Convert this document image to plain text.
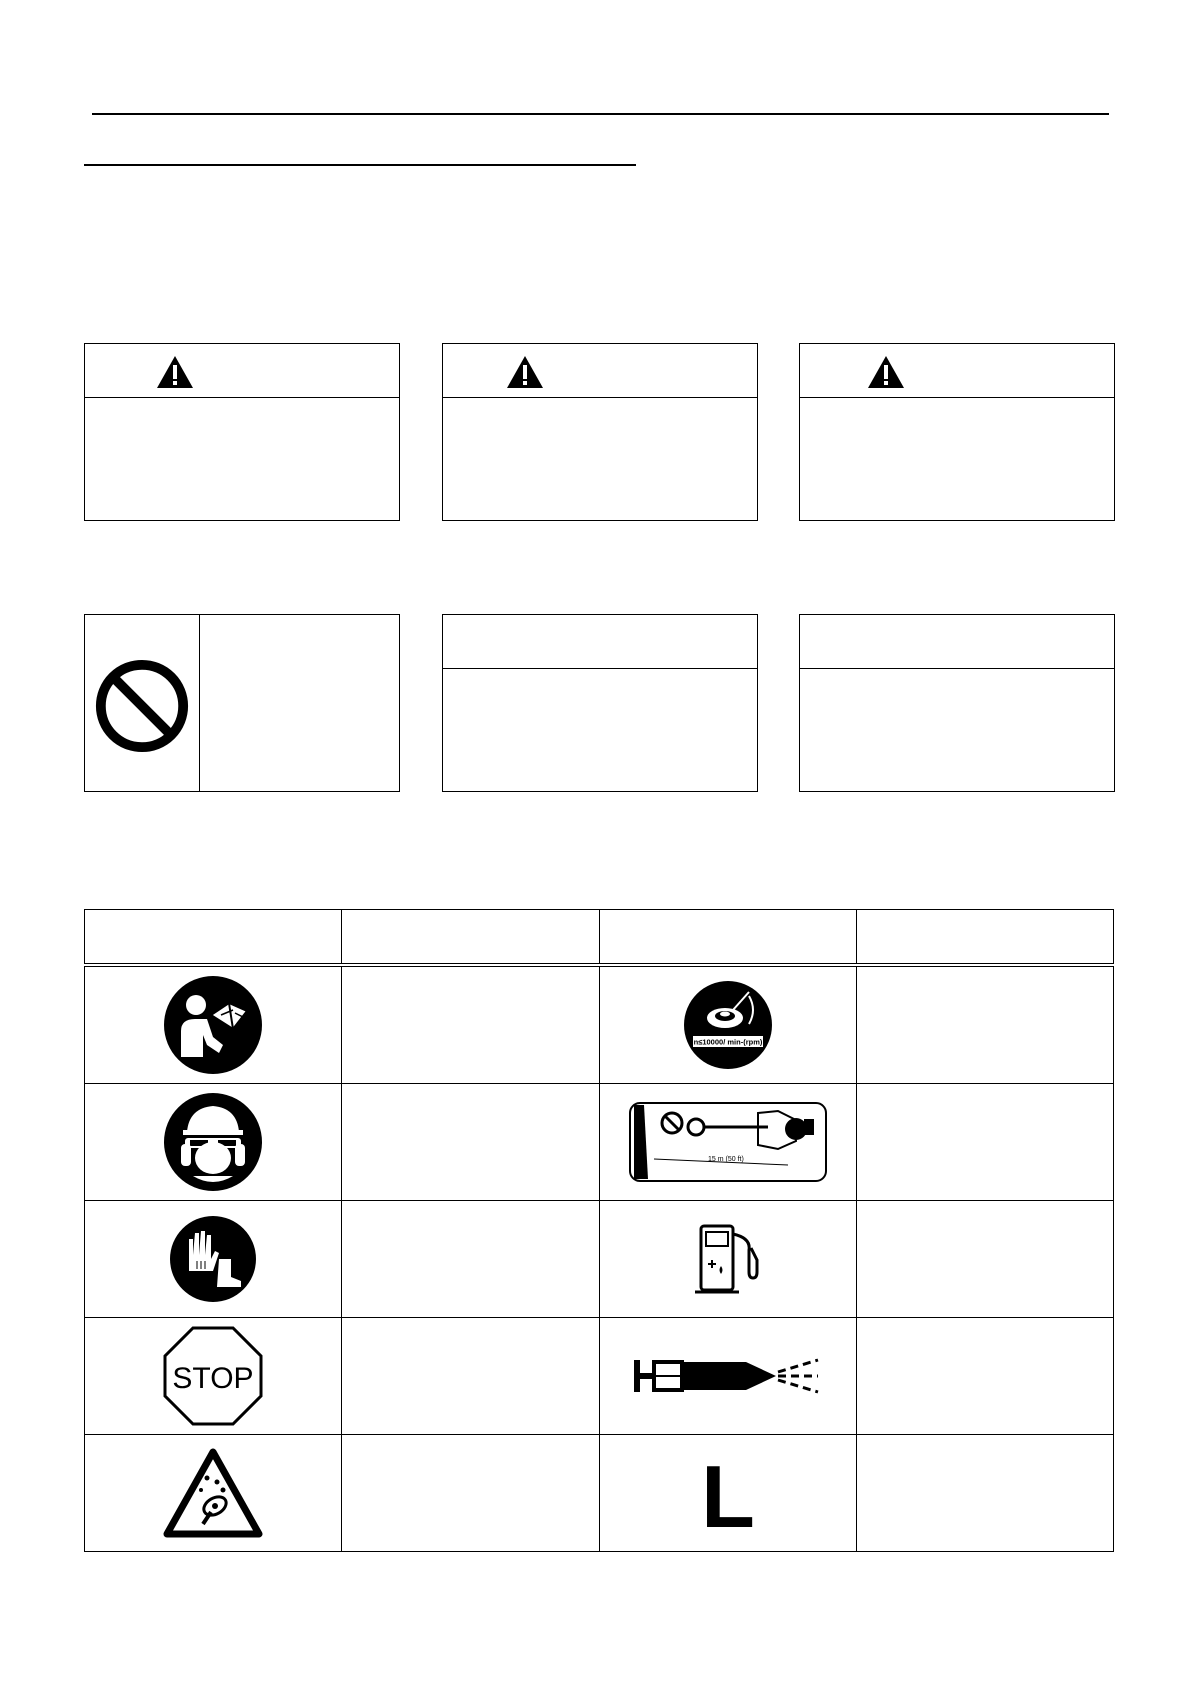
n≤10000/ min-(rpm)	

15 m (50 ft)	

STOP

L	
